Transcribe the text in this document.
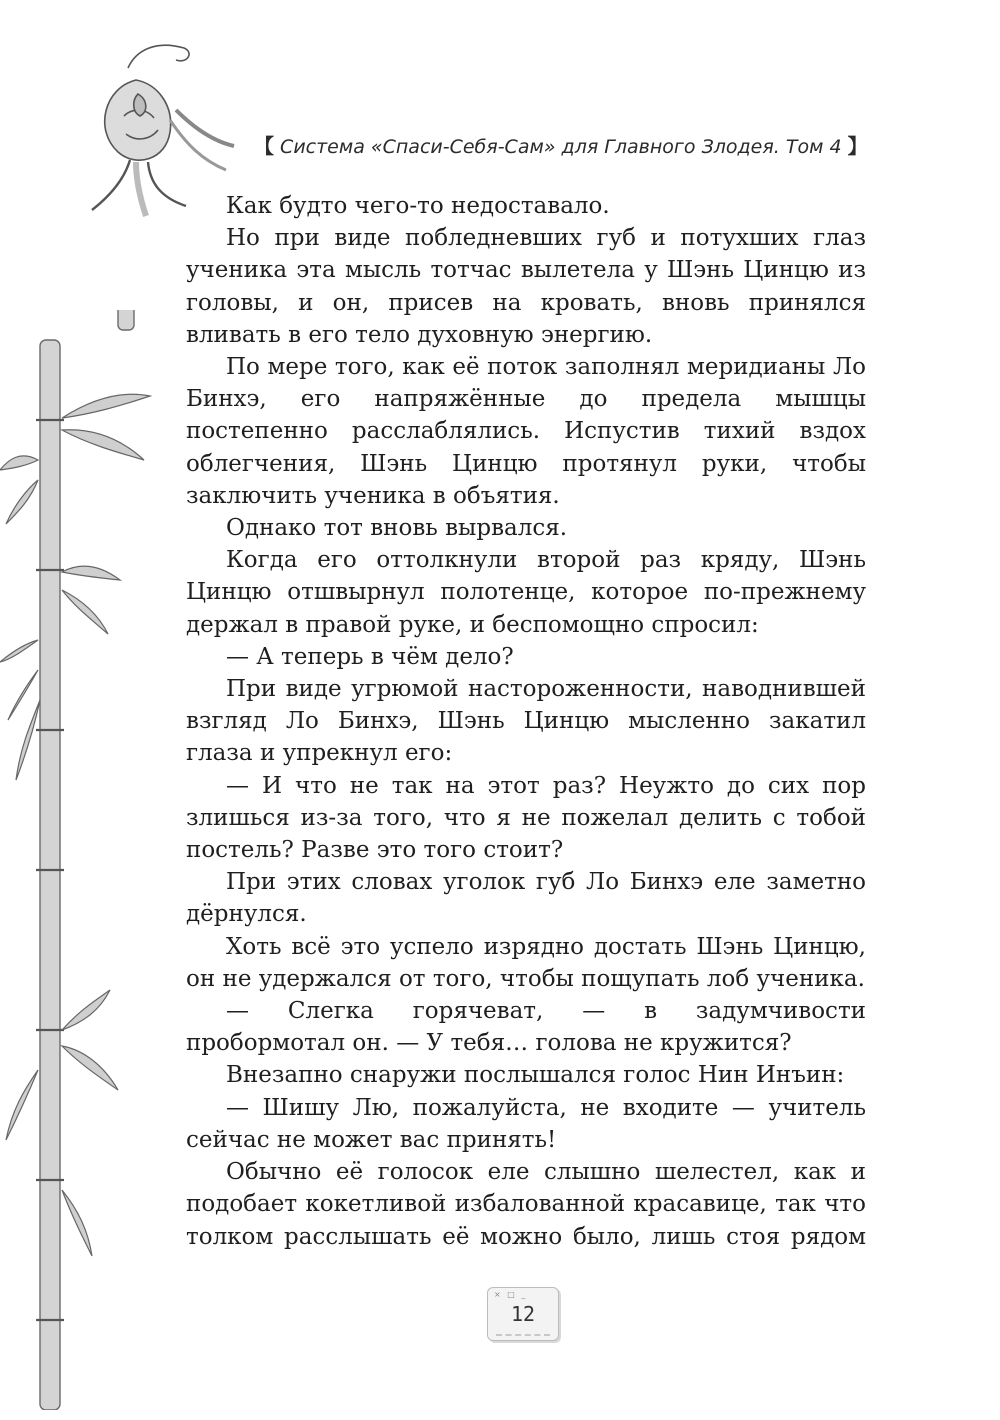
【 Система «Спаси-Себя-Сам» для Главного Злодея. Том 4 】

Как будто чего-то недоставало.

Но при виде побледневших губ и потухших глаз ученика эта мысль тотчас вылетела у Шэнь Цинцю из головы, и он, присев на кровать, вновь принялся вливать в его тело духовную энергию.

По мере того, как её поток заполнял меридианы Ло Бинхэ, его напряжённые до предела мышцы постепенно расслаблялись. Испустив тихий вздох облегчения, Шэнь Цинцю протянул руки, чтобы заключить ученика в объятия.

Однако тот вновь вырвался.

Когда его оттолкнули второй раз кряду, Шэнь Цинцю отшвырнул полотенце, которое по-прежнему держал в правой руке, и беспомощно спросил:

— А теперь в чём дело?

При виде угрюмой настороженности, наводнившей взгляд Ло Бинхэ, Шэнь Цинцю мысленно закатил глаза и упрекнул его:

— И что не так на этот раз? Неужто до сих пор злишься из-за того, что я не пожелал делить с тобой постель? Разве это того стоит?

При этих словах уголок губ Ло Бинхэ еле заметно дёрнулся.

Хоть всё это успело изрядно достать Шэнь Цинцю, он не удержался от того, чтобы пощупать лоб ученика.

— Слегка горячеват, — в задумчивости пробормотал он. — У тебя… голова не кружится?

Внезапно снаружи послышался голос Нин Инъин:

— Шишу Лю, пожалуйста, не входите — учитель сейчас не может вас принять!

Обычно её голосок еле слышно шелестел, как и подобает кокетливой избалованной красавице, так что толком расслышать её можно было, лишь стоя рядом

× □ _
12
